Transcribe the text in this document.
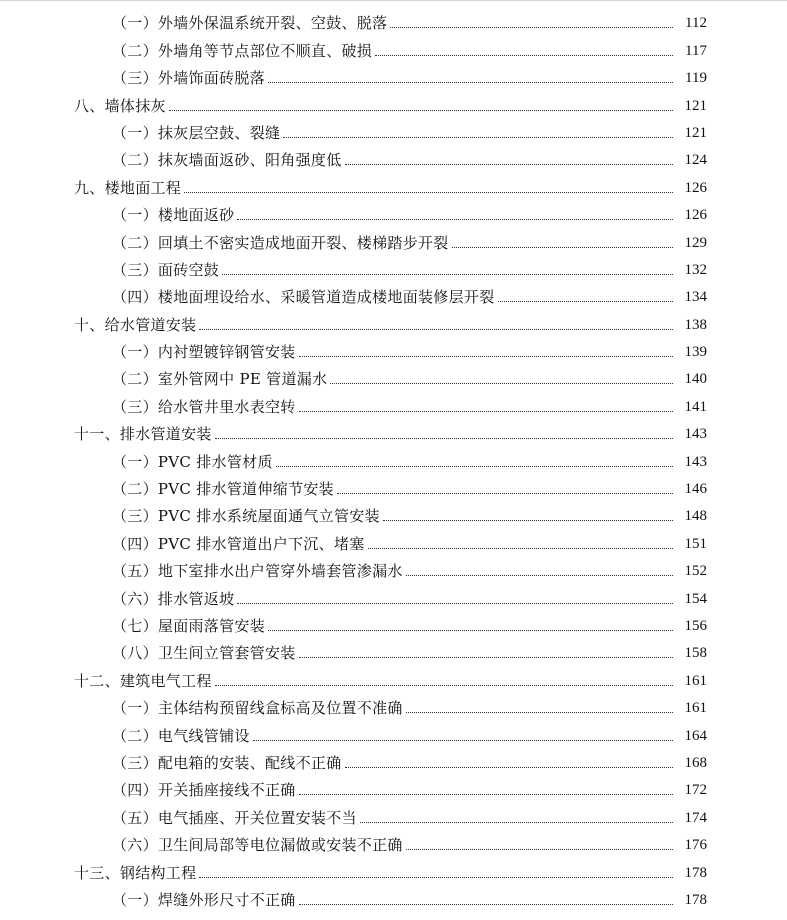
（一）外墙外保温系统开裂、空鼓、脱落	112
（二）外墙角等节点部位不顺直、破损	117
（三）外墙饰面砖脱落	119
八、墙体抹灰	121
（一）抹灰层空鼓、裂缝	121
（二）抹灰墙面返砂、阳角强度低	124
九、楼地面工程	126
（一）楼地面返砂	126
（二）回填土不密实造成地面开裂、楼梯踏步开裂	129
（三）面砖空鼓	132
（四）楼地面埋设给水、采暖管道造成楼地面装修层开裂	134
十、给水管道安装	138
（一）内衬塑镀锌钢管安装	139
（二）室外管网中 PE 管道漏水	140
（三）给水管井里水表空转	141
十一、排水管道安装	143
（一）PVC 排水管材质	143
（二）PVC 排水管道伸缩节安装	146
（三）PVC 排水系统屋面通气立管安装	148
（四）PVC 排水管道出户下沉、堵塞	151
（五）地下室排水出户管穿外墙套管渗漏水	152
（六）排水管返坡	154
（七）屋面雨落管安装	156
（八）卫生间立管套管安装	158
十二、建筑电气工程	161
（一）主体结构预留线盒标高及位置不准确	161
（二）电气线管铺设	164
（三）配电箱的安装、配线不正确	168
（四）开关插座接线不正确	172
（五）电气插座、开关位置安装不当	174
（六）卫生间局部等电位漏做或安装不正确	176
十三、钢结构工程	178
（一）焊缝外形尺寸不正确	178
